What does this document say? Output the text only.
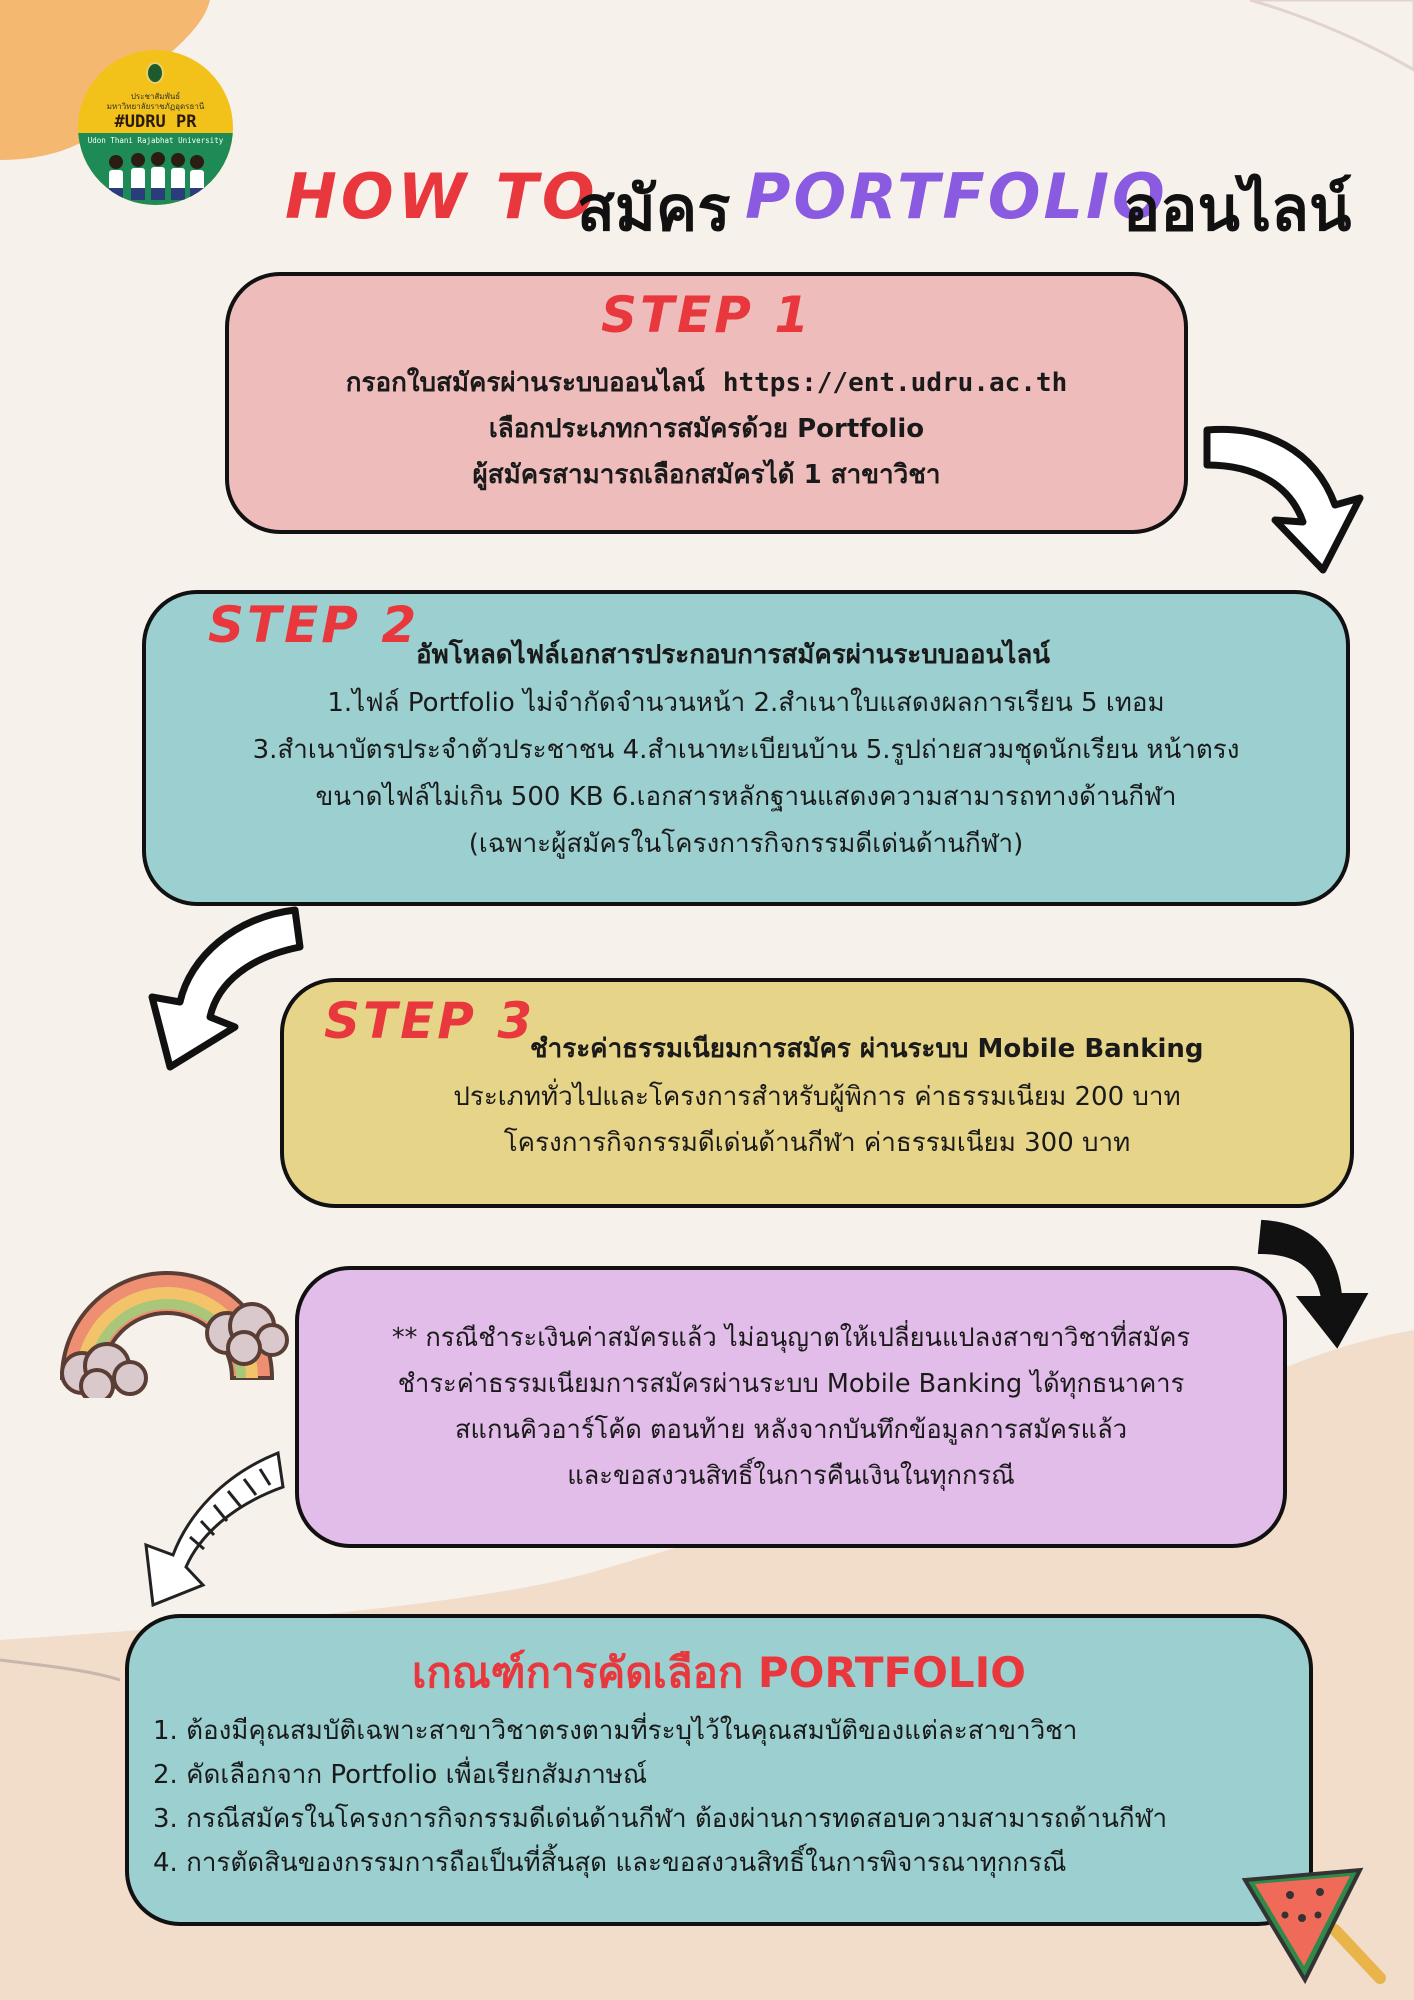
ประชาสัมพันธ์
มหาวิทยาลัยราชภัฏอุดรธานี
#UDRU PR
Udon Thani Rajabhat University
HOW TO
สมัคร PORTFOLIO
ออนไลน์
STEP 1
กรอกใบสมัครผ่านระบบออนไลน์ https://ent.udru.ac.th
เลือกประเภทการสมัครด้วย Portfolio
ผู้สมัครสามารถเลือกสมัครได้ 1 สาขาวิชา
STEP 2
อัพโหลดไฟล์เอกสารประกอบการสมัครผ่านระบบออนไลน์
1.ไฟล์ Portfolio ไม่จำกัดจำนวนหน้า 2.สำเนาใบแสดงผลการเรียน 5 เทอม
3.สำเนาบัตรประจำตัวประชาชน 4.สำเนาทะเบียนบ้าน 5.รูปถ่ายสวมชุดนักเรียน หน้าตรง
ขนาดไฟล์ไม่เกิน 500 KB 6.เอกสารหลักฐานแสดงความสามารถทางด้านกีฬา
(เฉพาะผู้สมัครในโครงการกิจกรรมดีเด่นด้านกีฬา)
STEP 3
ชำระค่าธรรมเนียมการสมัคร ผ่านระบบ Mobile Banking
ประเภททั่วไปและโครงการสำหรับผู้พิการ ค่าธรรมเนียม 200 บาท
โครงการกิจกรรมดีเด่นด้านกีฬา ค่าธรรมเนียม 300 บาท
** กรณีชำระเงินค่าสมัครแล้ว ไม่อนุญาตให้เปลี่ยนแปลงสาขาวิชาที่สมัคร
ชำระค่าธรรมเนียมการสมัครผ่านระบบ Mobile Banking ได้ทุกธนาคาร
สแกนคิวอาร์โค้ด ตอนท้าย หลังจากบันทึกข้อมูลการสมัครแล้ว
และขอสงวนสิทธิ์ในการคืนเงินในทุกกรณี
เกณฑ์การคัดเลือก PORTFOLIO
1. ต้องมีคุณสมบัติเฉพาะสาขาวิชาตรงตามที่ระบุไว้ในคุณสมบัติของแต่ละสาขาวิชา
2. คัดเลือกจาก Portfolio เพื่อเรียกสัมภาษณ์
3. กรณีสมัครในโครงการกิจกรรมดีเด่นด้านกีฬา ต้องผ่านการทดสอบความสามารถด้านกีฬา
4. การตัดสินของกรรมการถือเป็นที่สิ้นสุด และขอสงวนสิทธิ์ในการพิจารณาทุกกรณี
